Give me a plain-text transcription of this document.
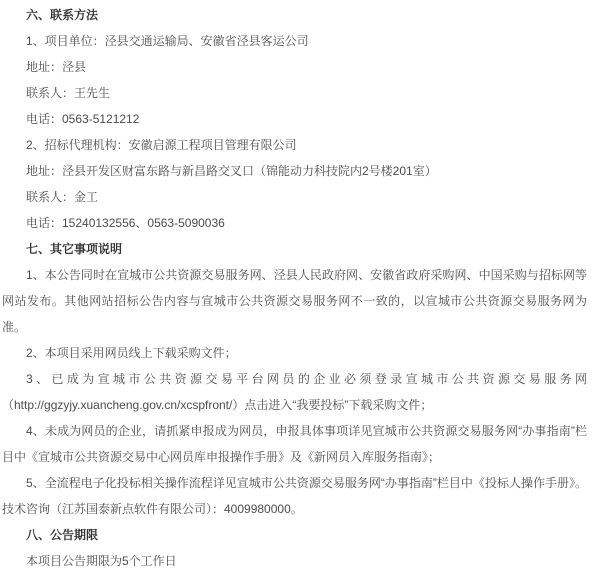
六、联系方法

1、项目单位：泾县交通运输局、安徽省泾县客运公司

地址：泾县

联系人：王先生

电话：0563-5121212

2、招标代理机构：安徽启源工程项目管理有限公司

地址：泾县开发区财富东路与新昌路交叉口（锦能动力科技院内2号楼201室）

联系人：金工

电话：15240132556、0563-5090036

七、其它事项说明

1、本公告同时在宣城市公共资源交易服务网、泾县人民政府网、安徽省政府采购网、中国采购与招标网等网站发布。其他网站招标公告内容与宣城市公共资源交易服务网不一致的，以宣城市公共资源交易服务网为准。

2、本项目采用网员线上下载采购文件；

3、已成为宣城市公共资源交易平台网员的企业必须登录宣城市公共资源交易服务网（http://ggzyjy.xuancheng.gov.cn/xcspfront/）点击进入“我要投标”下载采购文件；

4、未成为网员的企业，请抓紧申报成为网员，申报具体事项详见宣城市公共资源交易服务网“办事指南”栏目中《宣城市公共资源交易中心网员库申报操作手册》及《新网员入库服务指南》；

5、全流程电子化投标相关操作流程详见宣城市公共资源交易服务网“办事指南”栏目中《投标人操作手册》。技术咨询（江苏国泰新点软件有限公司）：4009980000。

八、公告期限

本项目公告期限为5个工作日
